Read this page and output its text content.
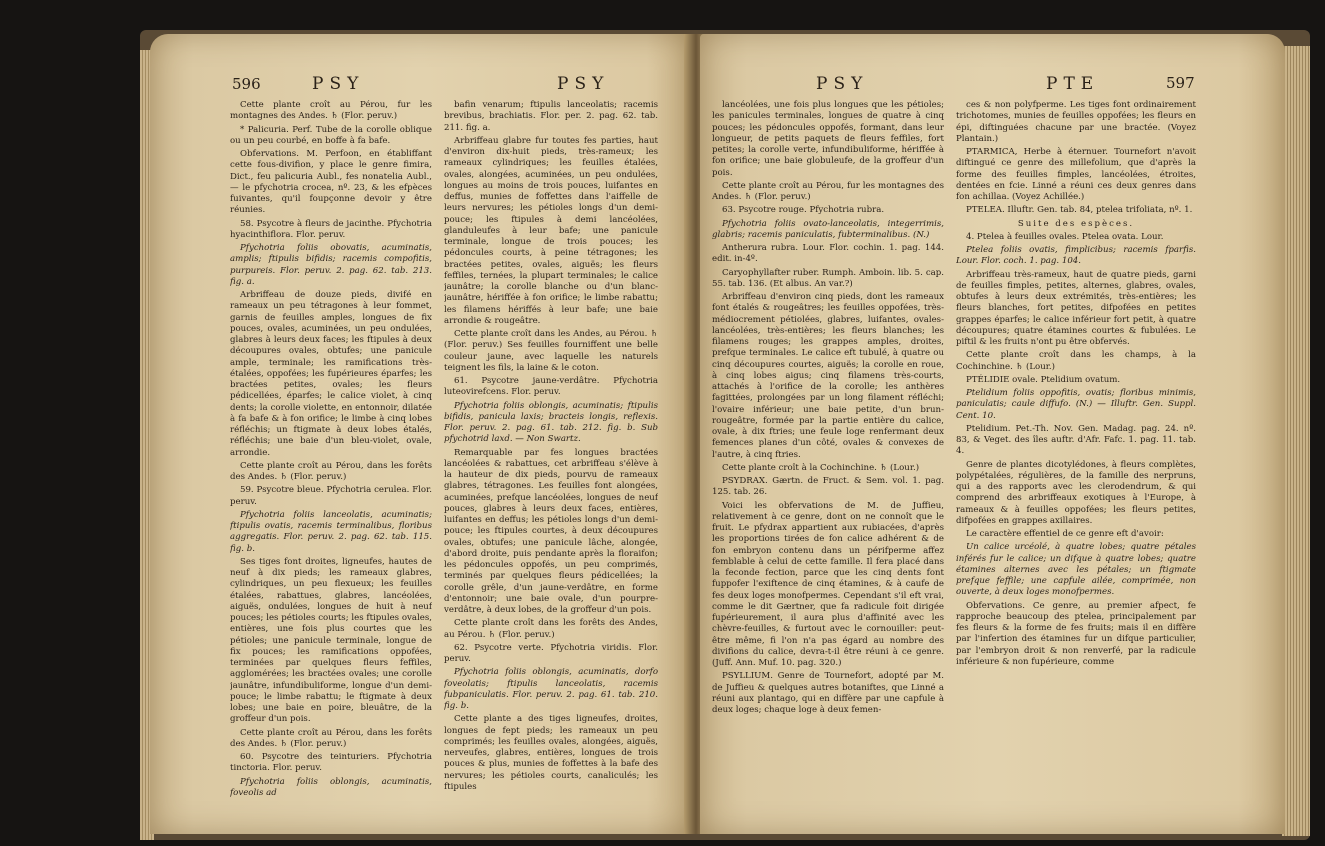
596	PSY	PSY

Cette plante croît au Pérou, fur les montagnes des Andes. ♄ (Flor. peruv.)

* Palicuria. Perf. Tube de la corolle oblique ou un peu courbé, en boffe à fa bafe.

Obfervations. M. Perfoon, en établiffant cette fous-divifion, y place le genre fimira, Dict., feu palicuria Aubl., fes nonatelia Aubl., — le pfychotria crocea, nº. 23, & les efpèces fuivantes, qu'il foupçonne devoir y être réunies.

58. Psycotre à fleurs de jacinthe. Pfychotria hyacinthiflora. Flor. peruv.

Pfychotria foliis obovatis, acuminatis, amplis; ftipulis bifidis; racemis compofitis, purpureis. Flor. peruv. 2. pag. 62. tab. 213. fig. a.

Arbriffeau de douze pieds, divifé en rameaux un peu tétragones à leur fommet, garnis de feuilles amples, longues de fix pouces, ovales, acuminées, un peu ondulées, glabres à leurs deux faces; les ftipules à deux découpures ovales, obtufes; une panicule ample, terminale; les ramifications très-étalées, oppofées; les fupérieures éparfes; les bractées petites, ovales; les fleurs pédicellées, éparfes; le calice violet, à cinq dents; la corolle violette, en entonnoir, dilatée à fa bafe & à fon orifice; le limbe à cinq lobes réfléchis; un ftigmate à deux lobes étalés, réfléchis; une baie d'un bleu-violet, ovale, arrondie.

Cette plante croît au Pérou, dans les forêts des Andes. ♄ (Flor. peruv.)

59. Psycotre bleue. Pfychotria cerulea. Flor. peruv.

Pfychotria foliis lanceolatis, acuminatis; ftipulis ovatis, racemis terminalibus, floribus aggregatis. Flor. peruv. 2. pag. 62. tab. 115. fig. b.

Ses tiges font droites, ligneufes, hautes de neuf à dix pieds; les rameaux glabres, cylindriques, un peu flexueux; les feuilles étalées, rabattues, glabres, lancéolées, aiguës, ondulées, longues de huit à neuf pouces; les pétioles courts; les ftipules ovales, entières, une fois plus courtes que les pétioles; une panicule terminale, longue de fix pouces; les ramifications oppofées, terminées par quelques fleurs feffiles, agglomérées; les bractées ovales; une corolle jaunâtre, infundibuliforme, longue d'un demi-pouce; le limbe rabattu; le ftigmate à deux lobes; une baie en poire, bleuâtre, de la groffeur d'un pois.

Cette plante croît au Pérou, dans les forêts des Andes. ♄ (Flor. peruv.)

60. Psycotre des teinturiers. Pfychotria tinctoria. Flor. peruv.

Pfychotria foliis oblongis, acuminatis, foveolis ad

bafin venarum; ftipulis lanceolatis; racemis brevibus, brachiatis. Flor. per. 2. pag. 62. tab. 211. fig. a.

Arbriffeau glabre fur toutes fes parties, haut d'environ dix-huit pieds, très-rameux; les rameaux cylindriques; les feuilles étalées, ovales, alongées, acuminées, un peu ondulées, longues au moins de trois pouces, luifantes en deffus, munies de foffettes dans l'aiffelle de leurs nervures; les pétioles longs d'un demi-pouce; les ftipules à demi lancéolées, glanduleufes à leur bafe; une panicule terminale, longue de trois pouces; les pédoncules courts, à peine tétragones; les bractées petites, ovales, aiguës; les fleurs feffiles, ternées, la plupart terminales; le calice jaunâtre; la corolle blanche ou d'un blanc-jaunâtre, hériffée à fon orifice; le limbe rabattu; les filamens hériffés à leur bafe; une baie arrondie & rougeâtre.

Cette plante croît dans les Andes, au Pérou. ♄ (Flor. peruv.) Ses feuilles fourniffent une belle couleur jaune, avec laquelle les naturels teignent les fils, la laine & le coton.

61. Psycotre jaune-verdâtre. Pfychotria luteovirefcens. Flor. peruv.

Pfychotria foliis oblongis, acuminatis; ftipulis bifidis, panicula laxis; bracteis longis, reflexis. Flor. peruv. 2. pag. 61. tab. 212. fig. b. Sub pfychotrid laxd. — Non Swartz.

Remarquable par fes longues bractées lancéolées & rabattues, cet arbriffeau s'élève à la hauteur de dix pieds, pourvu de rameaux glabres, tétragones. Les feuilles font alongées, acuminées, prefque lancéolées, longues de neuf pouces, glabres à leurs deux faces, entières, luifantes en deffus; les pétioles longs d'un demi-pouce; les ftipules courtes, à deux découpures ovales, obtufes; une panicule lâche, alongée, d'abord droite, puis pendante après la floraifon; les pédoncules oppofés, un peu comprimés, terminés par quelques fleurs pédicellées; la corolle grêle, d'un jaune-verdâtre, en forme d'entonnoir; une baie ovale, d'un pourpre-verdâtre, à deux lobes, de la groffeur d'un pois.

Cette plante croît dans les forêts des Andes, au Pérou. ♄ (Flor. peruv.)

62. Psycotre verte. Pfychotria viridis. Flor. peruv.

Pfychotria foliis oblongis, acuminatis, dorfo foveolatis; ftipulis lanceolatis, racemis fubpaniculatis. Flor. peruv. 2. pag. 61. tab. 210. fig. b.

Cette plante a des tiges ligneufes, droites, longues de fept pieds; les rameaux un peu comprimés; les feuilles ovales, alongées, aiguës, nerveufes, glabres, entières, longues de trois pouces & plus, munies de foffettes à la bafe des nervures; les pétioles courts, canaliculés; les ftipules

PSY	PTE	597

lancéolées, une fois plus longues que les pétioles; les panicules terminales, longues de quatre à cinq pouces; les pédoncules oppofés, formant, dans leur longueur, de petits paquets de fleurs feffiles, fort petites; la corolle verte, infundibuliforme, hériffée à fon orifice; une baie globuleufe, de la groffeur d'un pois.

Cette plante croît au Pérou, fur les montagnes des Andes. ♄ (Flor. peruv.)

63. Psycotre rouge. Pfychotria rubra.

Pfychotria foliis ovato-lanceolatis, integerrimis, glabris; racemis paniculatis, fubterminalibus. (N.)

Antherura rubra. Lour. Flor. cochin. 1. pag. 144. edit. in-4º.

Caryophyllafter ruber. Rumph. Amboin. lib. 5. cap. 55. tab. 136. (Et albus. An var.?)

Arbriffeau d'environ cinq pieds, dont les rameaux font étalés & rougeâtres; les feuilles oppofées, très-médiocrement pétiolées, glabres, luifantes, ovales-lancéolées, très-entières; les fleurs blanches; les filamens rouges; les grappes amples, droites, prefque terminales. Le calice eft tubulé, à quatre ou cinq découpures courtes, aiguës; la corolle en roue, à cinq lobes aigus; cinq filamens très-courts, attachés à l'orifice de la corolle; les anthères fagittées, prolongées par un long filament réfléchi; l'ovaire inférieur; une baie petite, d'un brun-rougeâtre, formée par la partie entière du calice, ovale, à dix ftries; une feule loge renfermant deux femences planes d'un côté, ovales & convexes de l'autre, à cinq ftries.

Cette plante croît à la Cochinchine. ♄ (Lour.)

PSYDRAX. Gærtn. de Fruct. & Sem. vol. 1. pag. 125. tab. 26.

Voici les obfervations de M. de Juffieu, relativement à ce genre, dont on ne connoît que le fruit. Le pfydrax appartient aux rubiacées, d'après les proportions tirées de fon calice adhérent & de fon embryon contenu dans un périfperme affez femblable à celui de cette famille. Il fera placé dans la feconde fection, parce que les cinq dents font fuppofer l'exiftence de cinq étamines, & à caufe de fes deux loges monofpermes. Cependant s'il eft vrai, comme le dit Gærtner, que fa radicule foit dirigée fupérieurement, il aura plus d'affinité avec les chèvre-feuilles, & furtout avec le cornouiller: peut-être même, fi l'on n'a pas égard au nombre des divifions du calice, devra-t-il être réuni à ce genre. (Juff. Ann. Muf. 10. pag. 320.)

PSYLLIUM. Genre de Tournefort, adopté par M. de Juffieu & quelques autres botaniftes, que Linné a réuni aux plantago, qui en diffère par une capfule à deux loges; chaque loge à deux femen-

ces & non polyfperme. Les tiges font ordinairement trichotomes, munies de feuilles oppofées; les fleurs en épi, diftinguées chacune par une bractée. (Voyez Plantain.)

PTARMICA, Herbe à éternuer. Tournefort n'avoit diftingué ce genre des millefolium, que d'après la forme des feuilles fimples, lancéolées, étroites, dentées en fcie. Linné a réuni ces deux genres dans fon achillaa. (Voyez Achillée.)

PTELEA. Illuftr. Gen. tab. 84, ptelea trifoliata, nº. 1.

Suite des espèces.

4. Ptelea à feuilles ovales. Ptelea ovata. Lour.

Ptelea foliis ovatis, fimplicibus; racemis fparfis. Lour. Flor. coch. 1. pag. 104.

Arbriffeau très-rameux, haut de quatre pieds, garni de feuilles fimples, petites, alternes, glabres, ovales, obtufes à leurs deux extrémités, très-entières; les fleurs blanches, fort petites, difpofées en petites grappes éparfes; le calice inférieur fort petit, à quatre découpures; quatre étamines courtes & fubulées. Le piftil & les fruits n'ont pu être obfervés.

Cette plante croît dans les champs, à la Cochinchine. ♄ (Lour.)

PTÉLIDIE ovale. Ptelidium ovatum.

Ptelidium foliis oppofitis, ovatis; floribus minimis, paniculatis; caule diffufo. (N.) — Illuftr. Gen. Suppl. Cent. 10.

Ptelidium. Pet.-Th. Nov. Gen. Madag. pag. 24. nº. 83, & Veget. des îles auftr. d'Afr. Fafc. 1. pag. 11. tab. 4.

Genre de plantes dicotylédones, à fleurs complètes, polypétalées, régulières, de la famille des nerpruns, qui a des rapports avec les clerodendrum, & qui comprend des arbriffeaux exotiques à l'Europe, à rameaux & à feuilles oppofées; les fleurs petites, difpofées en grappes axillaires.

Le caractère effentiel de ce genre eft d'avoir:

Un calice urcéolé, à quatre lobes; quatre pétales inférés fur le calice; un difque à quatre lobes; quatre étamines alternes avec les pétales; un ftigmate prefque feffile; une capfule ailée, comprimée, non ouverte, à deux loges monofpermes.

Obfervations. Ce genre, au premier afpect, fe rapproche beaucoup des ptelea, principalement par fes fleurs & la forme de fes fruits; mais il en diffère par l'infertion des étamines fur un difque particulier, par l'embryon droit & non renverfé, par la radicule inférieure & non fupérieure, comme
